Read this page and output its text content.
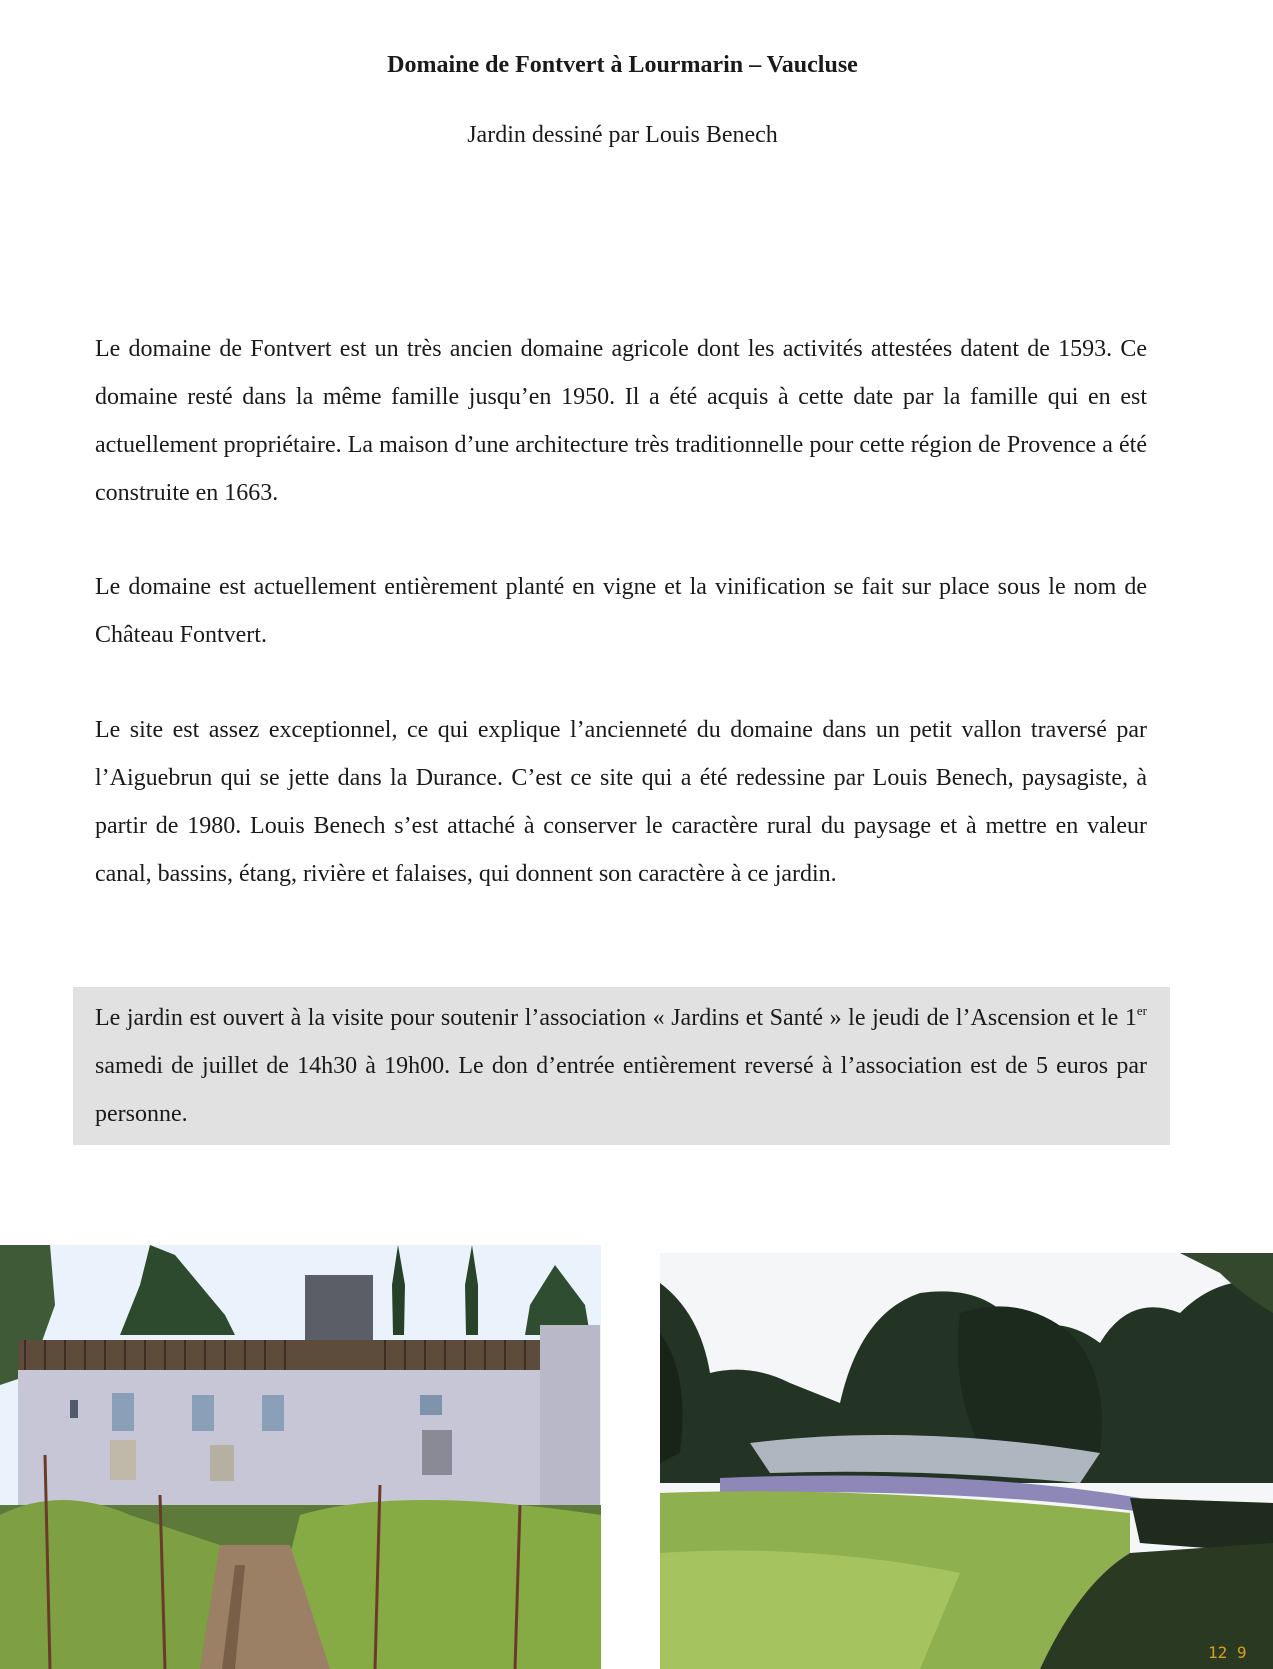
Domaine de Fontvert à Lourmarin – Vaucluse
Jardin dessiné par Louis Benech

Le domaine de Fontvert est un très ancien domaine agricole dont les activités attestées datent de 1593. Ce domaine resté dans la même famille jusqu’en 1950. Il a été acquis à cette date par la famille qui en est actuellement propriétaire. La maison d’une architecture très traditionnelle pour cette région de Provence a été construite en 1663.

Le domaine est actuellement entièrement planté en vigne et la vinification se fait sur place sous le nom de Château Fontvert.

Le site est assez exceptionnel, ce qui explique l’ancienneté du domaine dans un petit vallon traversé par l’Aiguebrun qui se jette dans la Durance. C’est ce site qui a été redessine par Louis Benech, paysagiste, à partir de 1980. Louis Benech s’est attaché à conserver le caractère rural du paysage et à mettre en valeur canal, bassins, étang, rivière et falaises, qui donnent son caractère à ce jardin.

Le jardin est ouvert à la visite pour soutenir l’association « Jardins et Santé » le jeudi de l’Ascension et le 1er samedi de juillet de 14h30 à 19h00. Le don d’entrée entièrement reversé à l’association est de 5 euros par personne.

12 9
